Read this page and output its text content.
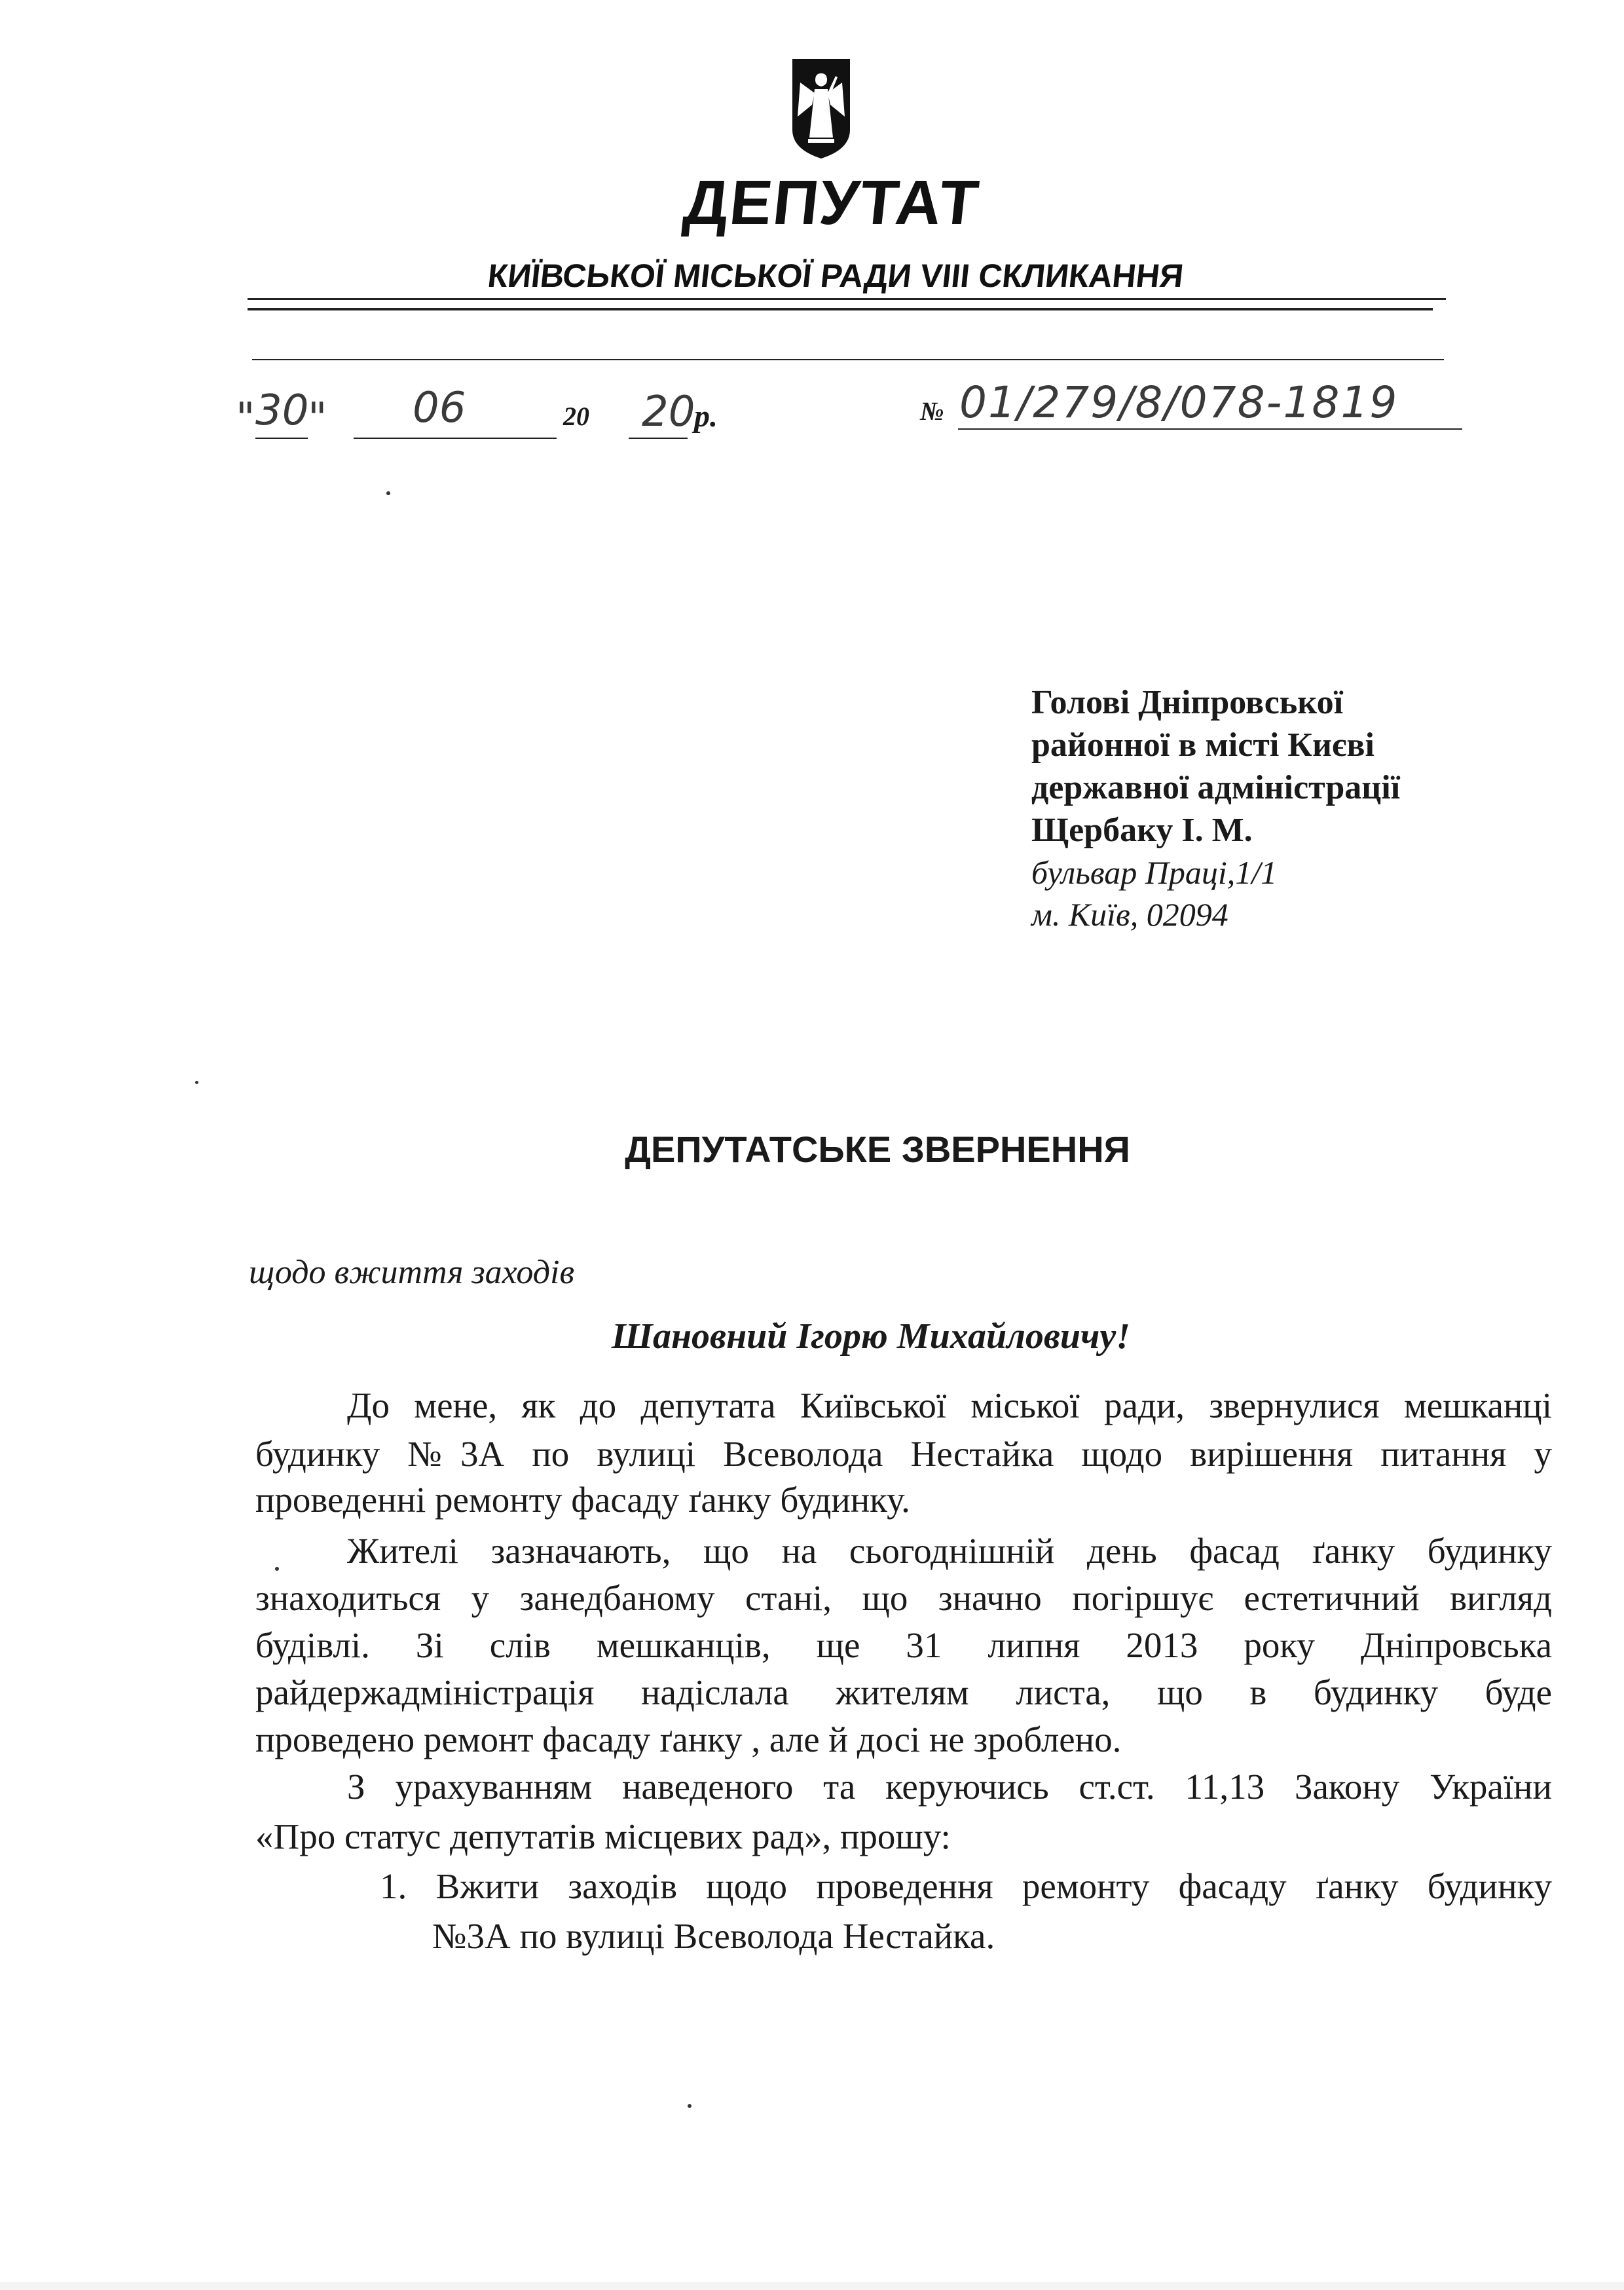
ДЕПУТАТ
КИЇВСЬКОЇ МІСЬКОЇ РАДИ VIII СКЛИКАННЯ
" 30
" 06	20 20
р.	№ 01/279/8/078-1819
Голові Дніпровської
районної в місті Києві
державної адміністрації
Щербаку І. М.
бульвар Праці,1/1
м. Київ, 02094
ДЕПУТАТСЬКЕ ЗВЕРНЕННЯ
щодо вжиття заходів
Шановний Ігорю Михайловичу!
До мене, як до депутата Київської міської ради, звернулися мешканці
будинку №3А по вулиці Всеволода Нестайка щодо вирішення питання у
проведенні ремонту фасаду ґанку будинку.
Жителі зазначають, що на сьогоднішній день фасад ґанку будинку
знаходиться у занедбаному стані, що значно погіршує естетичний вигляд
будівлі. Зі слів мешканців, ще 31 липня 2013 року Дніпровська
райдержадміністрація надіслала жителям листа, що в будинку буде
проведено ремонт фасаду ґанку , але й досі не зроблено.
З урахуванням наведеного та керуючись ст.ст. 11,13 Закону України
«Про статус депутатів місцевих рад», прошу:
1. Вжити заходів щодо проведення ремонту фасаду ґанку будинку
№3А по вулиці Всеволода Нестайка.
